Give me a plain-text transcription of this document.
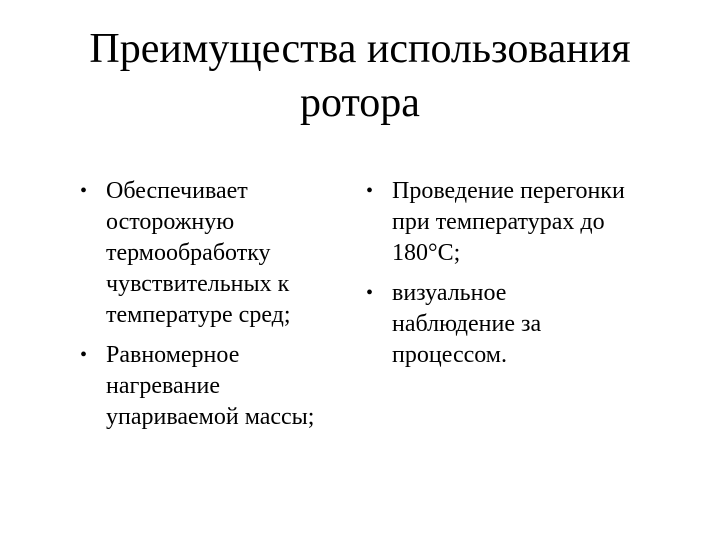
Преимущества использования
ротора
• Обеспечивает осторожную термообработку чувствительных к температуре сред;
• Равномерное нагревание упариваемой массы;
• Проведение перегонки при температурах до 180°С;
• визуальное наблюдение за процессом.
